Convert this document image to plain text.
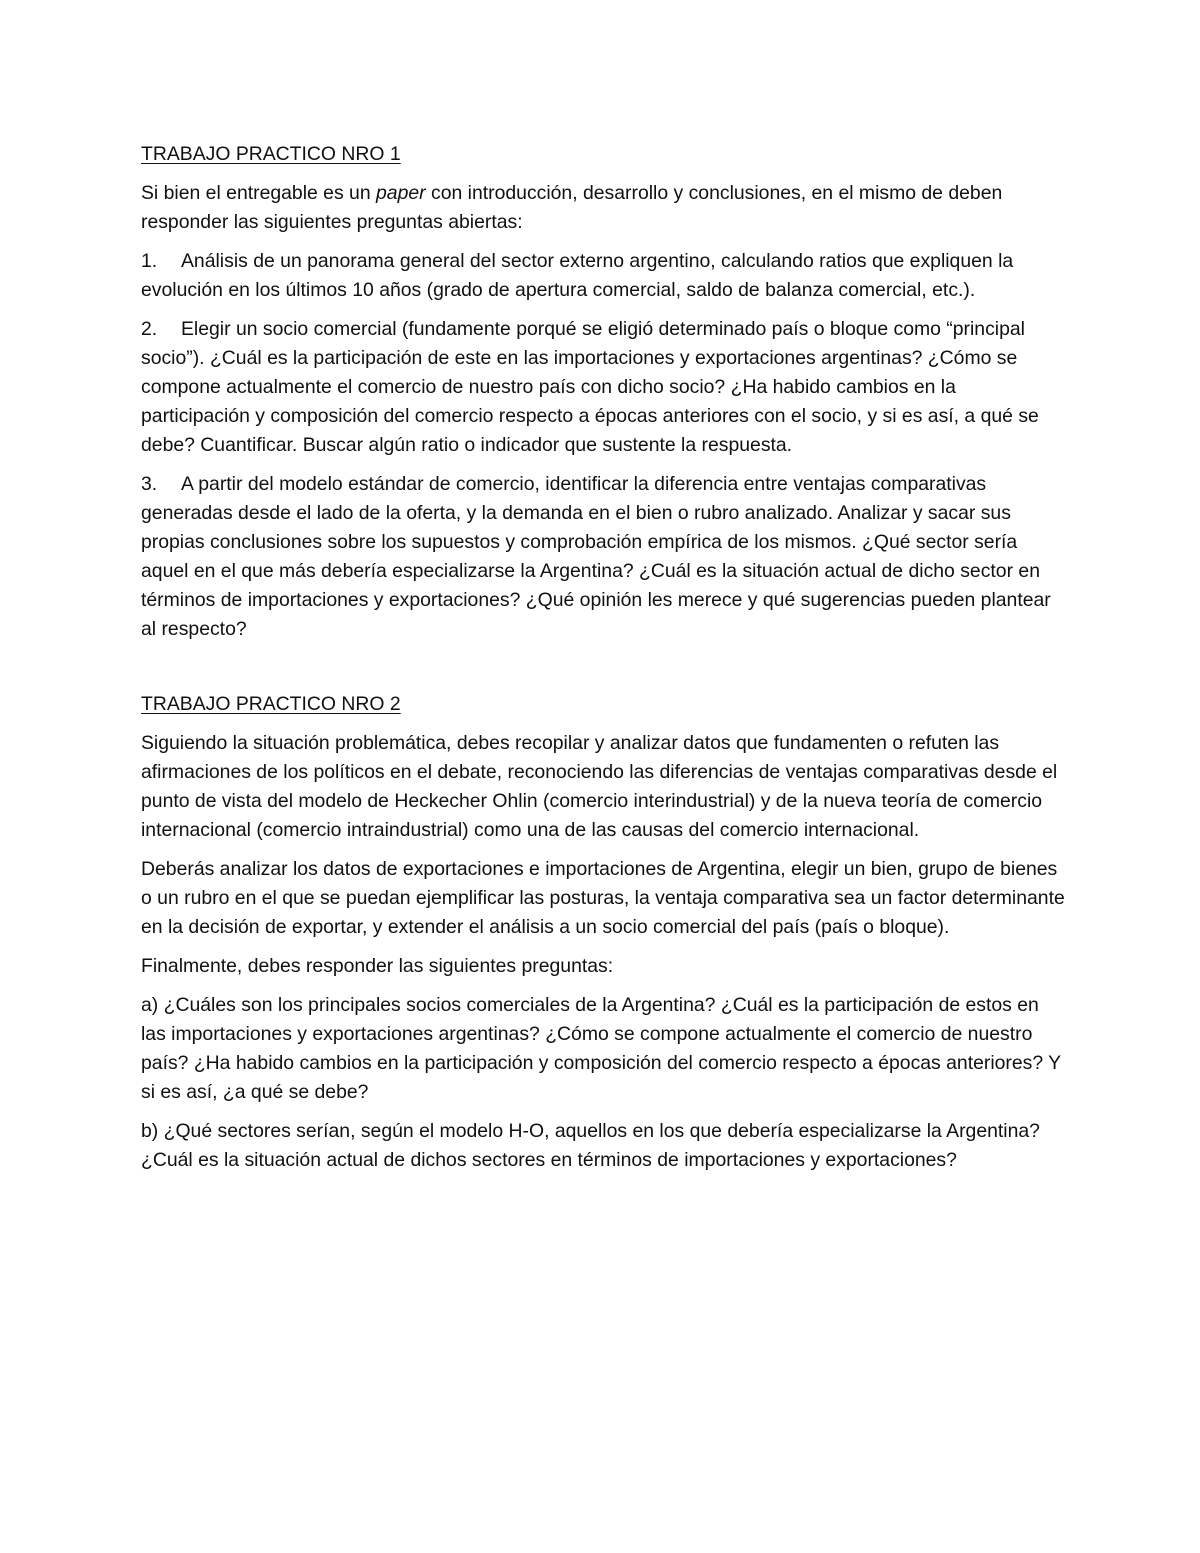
TRABAJO PRACTICO NRO 1

Si bien el entregable es un paper con introducción, desarrollo y conclusiones, en el mismo de deben responder las siguientes preguntas abiertas:

1. Análisis de un panorama general del sector externo argentino, calculando ratios que expliquen la evolución en los últimos 10 años (grado de apertura comercial, saldo de balanza comercial, etc.).

2. Elegir un socio comercial (fundamente porqué se eligió determinado país o bloque como “principal socio”). ¿Cuál es la participación de este en las importaciones y exportaciones argentinas? ¿Cómo se compone actualmente el comercio de nuestro país con dicho socio? ¿Ha habido cambios en la participación y composición del comercio respecto a épocas anteriores con el socio, y si es así, a qué se debe? Cuantificar. Buscar algún ratio o indicador que sustente la respuesta.

3. A partir del modelo estándar de comercio, identificar la diferencia entre ventajas comparativas generadas desde el lado de la oferta, y la demanda en el bien o rubro analizado. Analizar y sacar sus propias conclusiones sobre los supuestos y comprobación empírica de los mismos. ¿Qué sector sería aquel en el que más debería especializarse la Argentina? ¿Cuál es la situación actual de dicho sector en términos de importaciones y exportaciones? ¿Qué opinión les merece y qué sugerencias pueden plantear al respecto?

TRABAJO PRACTICO NRO 2

Siguiendo la situación problemática, debes recopilar y analizar datos que fundamenten o refuten las afirmaciones de los políticos en el debate, reconociendo las diferencias de ventajas comparativas desde el punto de vista del modelo de Heckecher Ohlin (comercio interindustrial) y de la nueva teoría de comercio internacional (comercio intraindustrial) como una de las causas del comercio internacional.

Deberás analizar los datos de exportaciones e importaciones de Argentina, elegir un bien, grupo de bienes o un rubro en el que se puedan ejemplificar las posturas, la ventaja comparativa sea un factor determinante en la decisión de exportar, y extender el análisis a un socio comercial del país (país o bloque).

Finalmente, debes responder las siguientes preguntas:

a) ¿Cuáles son los principales socios comerciales de la Argentina? ¿Cuál es la participación de estos en las importaciones y exportaciones argentinas? ¿Cómo se compone actualmente el comercio de nuestro país? ¿Ha habido cambios en la participación y composición del comercio respecto a épocas anteriores? Y si es así, ¿a qué se debe?

b) ¿Qué sectores serían, según el modelo H-O, aquellos en los que debería especializarse la Argentina? ¿Cuál es la situación actual de dichos sectores en términos de importaciones y exportaciones?
